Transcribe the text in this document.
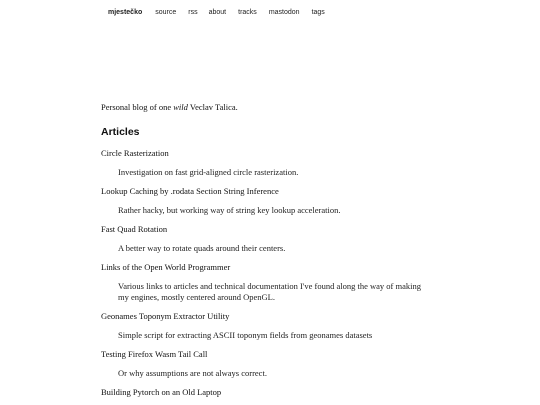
mjestečko source rss about tracks mastodon tags
Personal blog of one wild Veclav Talica.
Articles
Circle Rasterization
Investigation on fast grid-aligned circle rasterization.
Lookup Caching by .rodata Section String Inference
Rather hacky, but working way of string key lookup acceleration.
Fast Quad Rotation
A better way to rotate quads around their centers.
Links of the Open World Programmer
Various links to articles and technical documentation I've found along the way of making my engines, mostly centered around OpenGL.
Geonames Toponym Extractor Utility
Simple script for extracting ASCII toponym fields from geonames datasets
Testing Firefox Wasm Tail Call
Or why assumptions are not always correct.
Building Pytorch on an Old Laptop
